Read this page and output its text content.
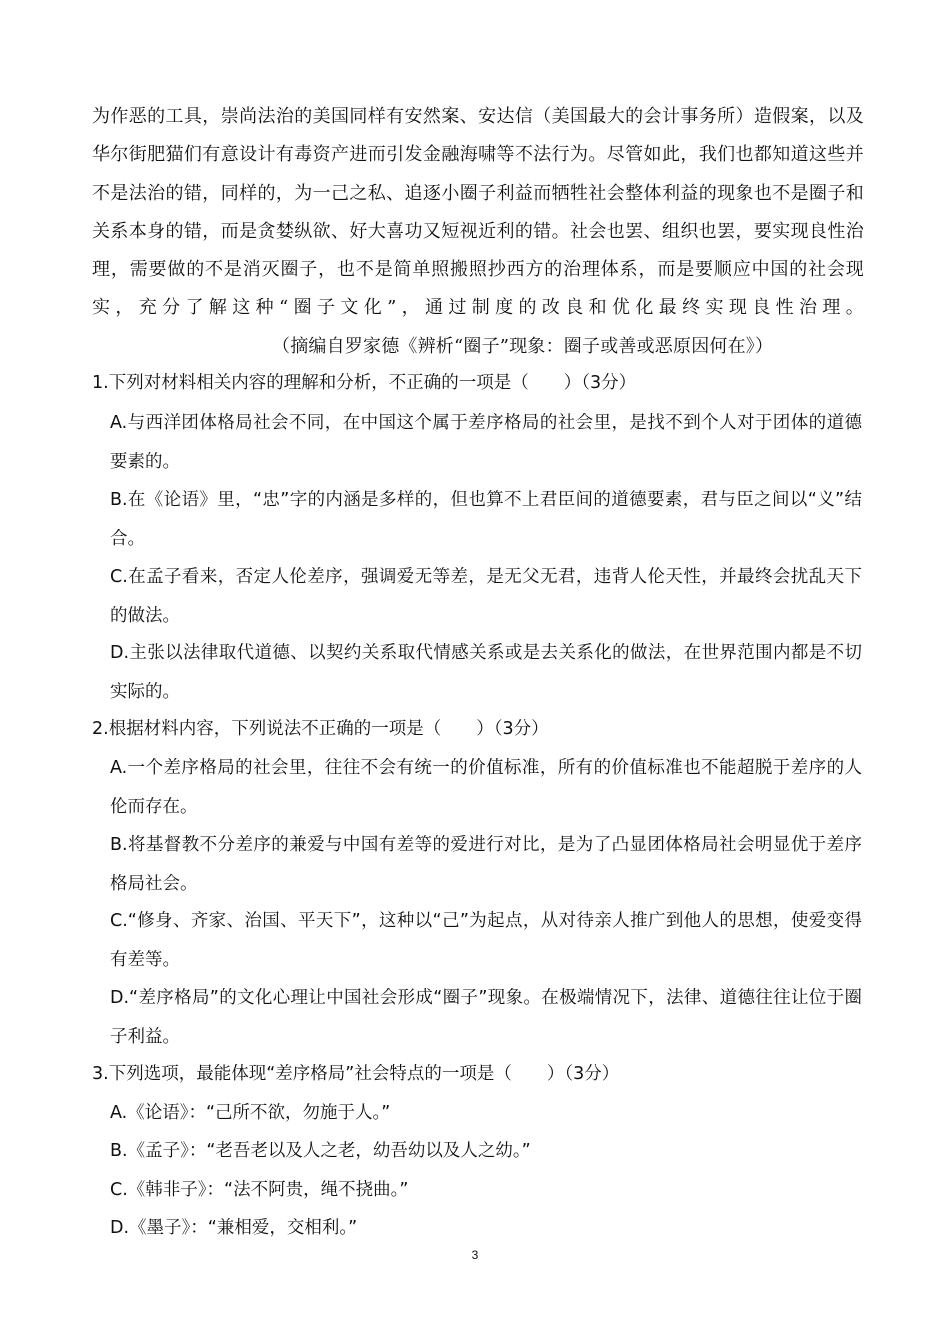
为作恶的工具，崇尚法治的美国同样有安然案、安达信（美国最大的会计事务所）造假案，以及华尔街肥猫们有意设计有毒资产进而引发金融海啸等不法行为。尽管如此，我们也都知道这些并不是法治的错，同样的，为一己之私、追逐小圈子利益而牺牲社会整体利益的现象也不是圈子和关系本身的错，而是贪婪纵欲、好大喜功又短视近利的错。社会也罢、组织也罢，要实现良性治理，需要做的不是消灭圈子，也不是简单照搬照抄西方的治理体系，而是要顺应中国的社会现实，充分了解这种“圈子文化”，通过制度的改良和优化最终实现良性治理。（摘编自罗家德《辨析“圈子”现象：圈子或善或恶原因何在》）
1.下列对材料相关内容的理解和分析，不正确的一项是（　　）（3分）
A.与西洋团体格局社会不同，在中国这个属于差序格局的社会里，是找不到个人对于团体的道德要素的。
B.在《论语》里，“忠”字的内涵是多样的，但也算不上君臣间的道德要素，君与臣之间以“义”结合。
C.在孟子看来，否定人伦差序，强调爱无等差，是无父无君，违背人伦天性，并最终会扰乱天下的做法。
D.主张以法律取代道德、以契约关系取代情感关系或是去关系化的做法，在世界范围内都是不切实际的。
2.根据材料内容，下列说法不正确的一项是（　　）（3分）
A.一个差序格局的社会里，往往不会有统一的价值标准，所有的价值标准也不能超脱于差序的人伦而存在。
B.将基督教不分差序的兼爱与中国有差等的爱进行对比，是为了凸显团体格局社会明显优于差序格局社会。
C.“修身、齐家、治国、平天下”，这种以“己”为起点，从对待亲人推广到他人的思想，使爱变得有差等。
D.“差序格局”的文化心理让中国社会形成“圈子”现象。在极端情况下，法律、道德往往让位于圈子利益。
3.下列选项，最能体现“差序格局”社会特点的一项是（　　）（3分）
A.《论语》：“己所不欲，勿施于人。”
B.《孟子》：“老吾老以及人之老，幼吾幼以及人之幼。”
C.《韩非子》：“法不阿贵，绳不挠曲。”
D.《墨子》：“兼相爱，交相利。”
3
